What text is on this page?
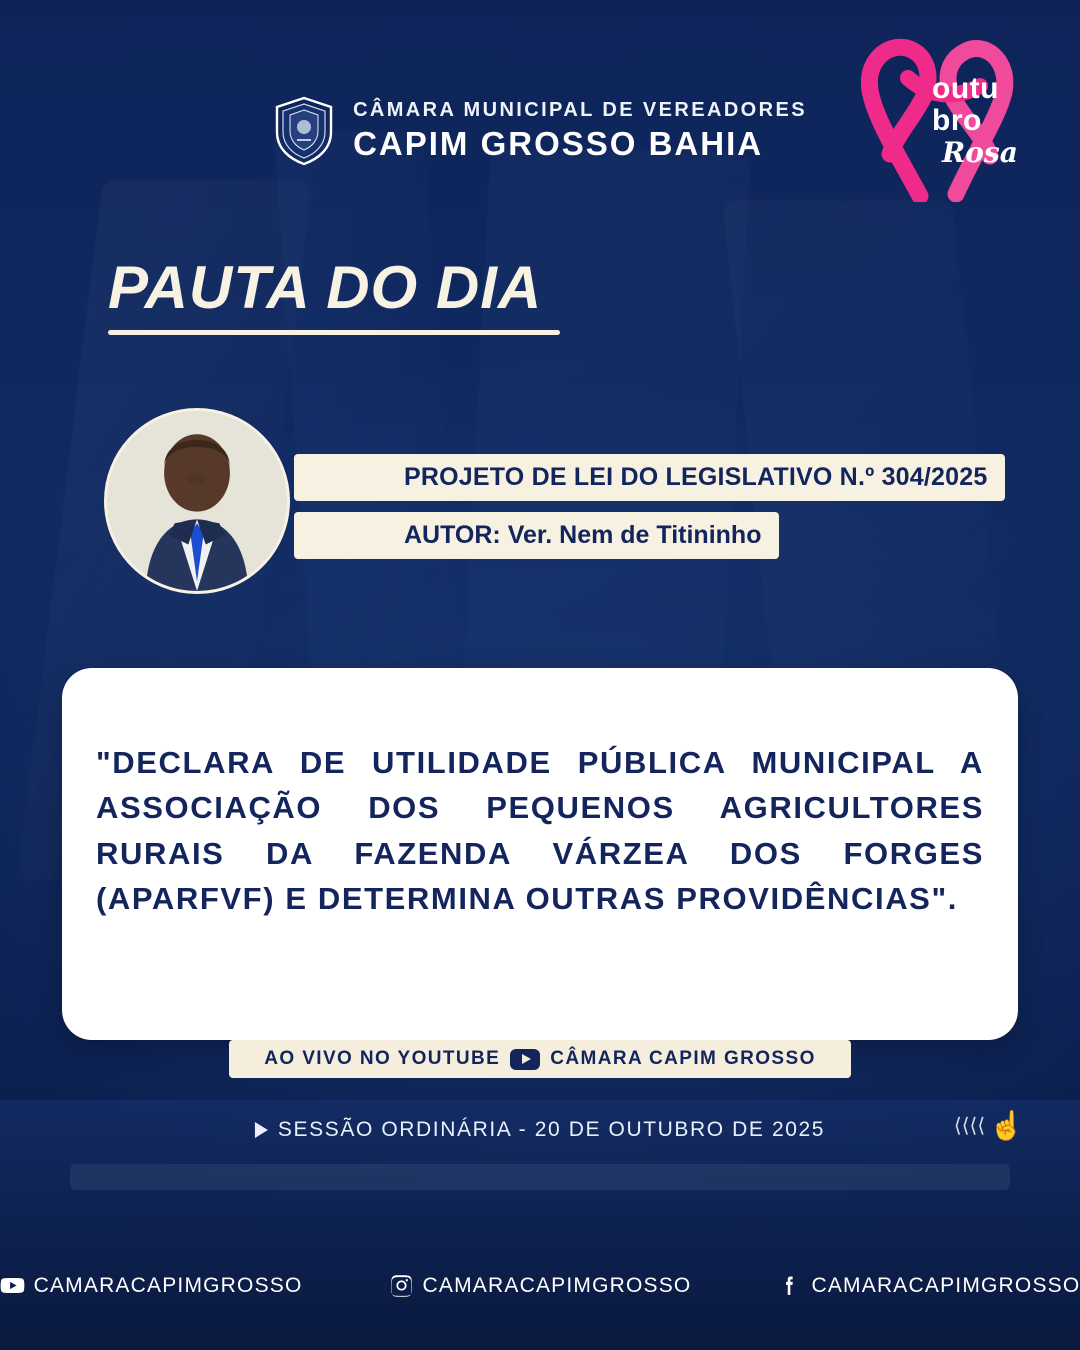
CÂMARA MUNICIPAL DE VEREADORES
CAPIM GROSSO BAHIA
outu
bro
Rosa
PAUTA DO DIA
PROJETO DE LEI DO LEGISLATIVO N.º 304/2025
AUTOR: Ver. Nem de Titininho
"DECLARA DE UTILIDADE PÚBLICA MUNICIPAL A ASSOCIAÇÃO DOS PEQUENOS AGRICULTORES RURAIS DA FAZENDA VÁRZEA DOS FORGES (APARFVF) E DETERMINA OUTRAS PROVIDÊNCIAS".
AO VIVO NO YOUTUBE	CÂMARA CAPIM GROSSO
SESSÃO ORDINÁRIA - 20 DE OUTUBRO DE 2025	⟨⟨⟨⟨ ☝
CAMARACAPIMGROSSO	CAMARACAPIMGROSSO	CAMARACAPIMGROSSO
